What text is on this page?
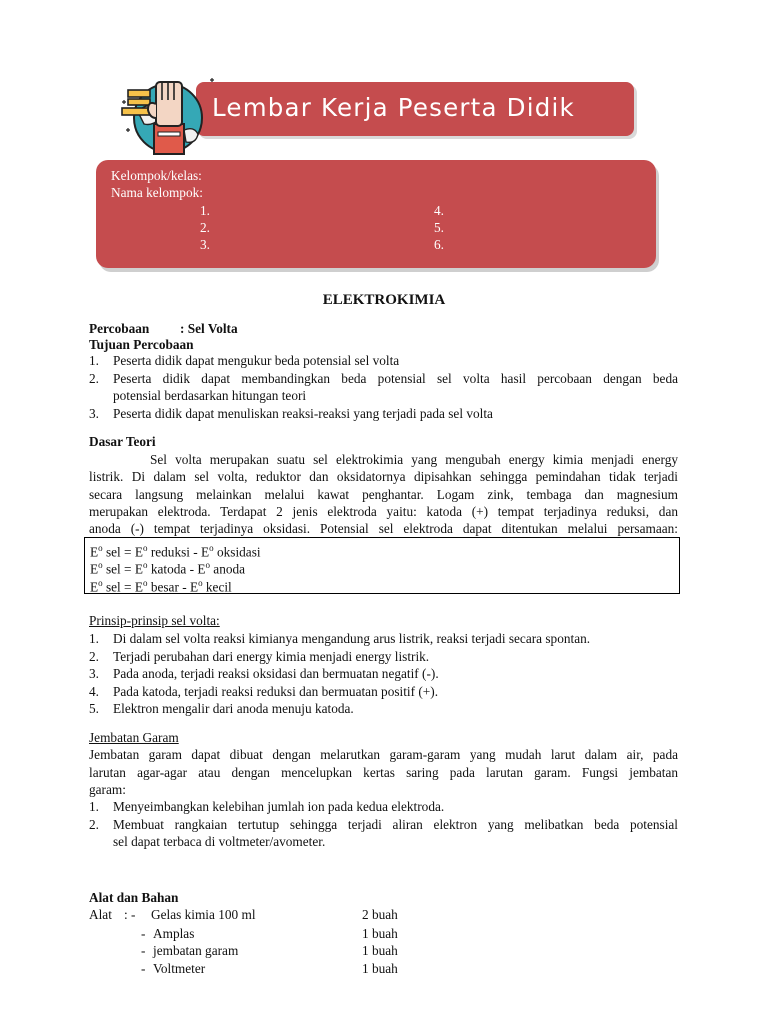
Lembar Kerja Peserta Didik
Kelompok/kelas:
Nama kelompok:
1.
2.
3.
4.
5.
6.
ELEKTROKIMIA
Percobaan : Sel Volta
Tujuan Percobaan
1. Peserta didik dapat mengukur beda potensial sel volta
2. Peserta didik dapat membandingkan beda potensial sel volta hasil percobaan dengan beda
potensial berdasarkan hitungan teori
3. Peserta didik dapat menuliskan reaksi-reaksi yang terjadi pada sel volta
Dasar Teori
Sel volta merupakan suatu sel elektrokimia yang mengubah energy kimia menjadi energy
listrik. Di dalam sel volta, reduktor dan oksidatornya dipisahkan sehingga pemindahan tidak terjadi
secara langsung melainkan melalui kawat penghantar. Logam zink, tembaga dan magnesium
merupakan elektroda. Terdapat 2 jenis elektroda yaitu: katoda (+) tempat terjadinya reduksi, dan
anoda (-) tempat terjadinya oksidasi. Potensial sel elektroda dapat ditentukan melalui persamaan:
$E^o$ sel = $E^o$ reduksi - $E^o$ oksidasi
$E^o$ sel = $E^o$ katoda - $E^o$ anoda
$E^o$ sel = $E^o$ besar - $E^o$ kecil
Prinsip-prinsip sel volta:
1. Di dalam sel volta reaksi kimianya mengandung arus listrik, reaksi terjadi secara spontan.
2. Terjadi perubahan dari energy kimia menjadi energy listrik.
3. Pada anoda, terjadi reaksi oksidasi dan bermuatan negatif (-).
4. Pada katoda, terjadi reaksi reduksi dan bermuatan positif (+).
5. Elektron mengalir dari anoda menuju katoda.
Jembatan Garam
Jembatan garam dapat dibuat dengan melarutkan garam-garam yang mudah larut dalam air, pada
larutan agar-agar atau dengan mencelupkan kertas saring pada larutan garam. Fungsi jembatan
garam:
1. Menyeimbangkan kelebihan jumlah ion pada kedua elektroda.
2. Membuat rangkaian tertutup sehingga terjadi aliran elektron yang melibatkan beda potensial
sel dapat terbaca di voltmeter/avometer.
Alat dan Bahan
Alat : - Gelas kimia 100 ml	2 buah
- Amplas	1 buah
- jembatan garam	1 buah
- Voltmeter	1 buah
